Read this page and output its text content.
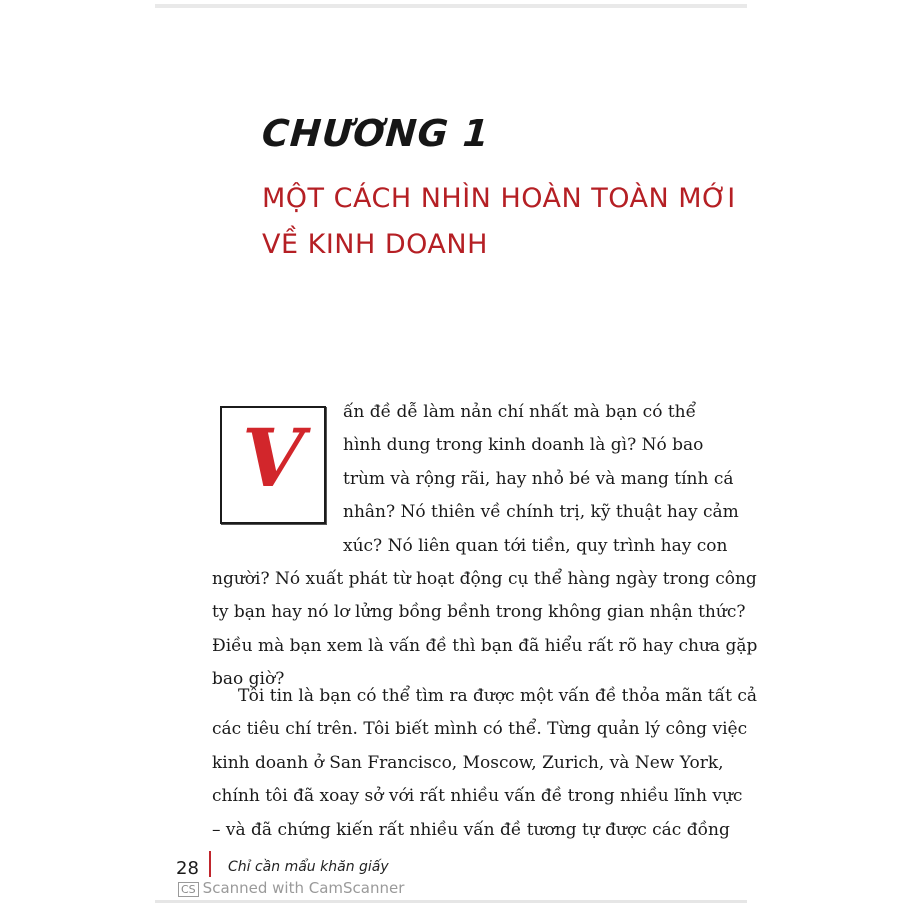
CHƯƠNG 1
MỘT CÁCH NHÌN HOÀN TOÀN MỚI
VỀ KINH DOANH
V ấn đề dễ làm nản chí nhất mà bạn có thể
hình dung trong kinh doanh là gì? Nó bao
trùm và rộng rãi, hay nhỏ bé và mang tính cá
nhân? Nó thiên về chính trị, kỹ thuật hay cảm
xúc? Nó liên quan tới tiền, quy trình hay con
người? Nó xuất phát từ hoạt động cụ thể hàng ngày trong công
ty bạn hay nó lơ lửng bồng bềnh trong không gian nhận thức?
Điều mà bạn xem là vấn đề thì bạn đã hiểu rất rõ hay chưa gặp
bao giờ?
Tôi tin là bạn có thể tìm ra được một vấn đề thỏa mãn tất cả
các tiêu chí trên. Tôi biết mình có thể. Từng quản lý công việc
kinh doanh ở San Francisco, Moscow, Zurich, và New York,
chính tôi đã xoay sở với rất nhiều vấn đề trong nhiều lĩnh vực
– và đã chứng kiến rất nhiều vấn đề tương tự được các đồng
28 Chỉ cần mẩu khăn giấy
CS Scanned with CamScanner
